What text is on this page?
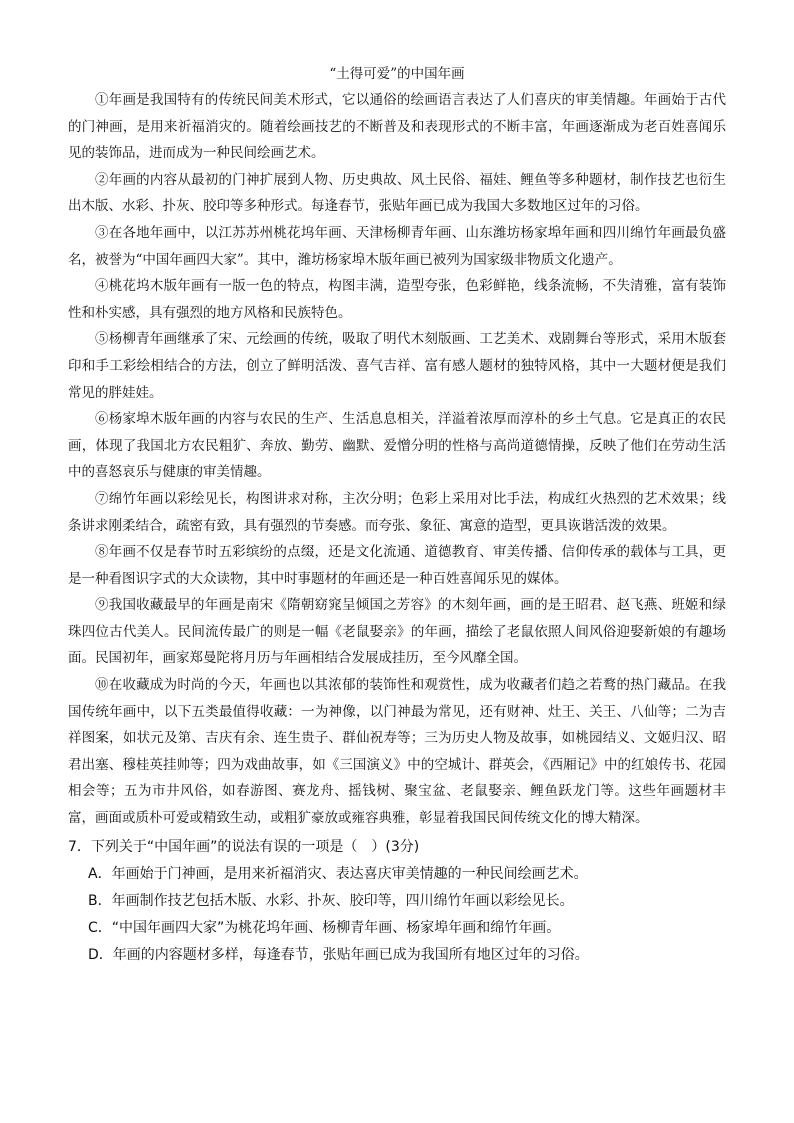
“土得可爱”的中国年画

①年画是我国特有的传统民间美术形式，它以通俗的绘画语言表达了人们喜庆的审美情趣。年画始于古代的门神画，是用来祈福消灾的。随着绘画技艺的不断普及和表现形式的不断丰富，年画逐渐成为老百姓喜闻乐见的装饰品，进而成为一种民间绘画艺术。

②年画的内容从最初的门神扩展到人物、历史典故、风土民俗、福娃、鲤鱼等多种题材，制作技艺也衍生出木版、水彩、扑灰、胶印等多种形式。每逢春节，张贴年画已成为我国大多数地区过年的习俗。

③在各地年画中，以江苏苏州桃花坞年画、天津杨柳青年画、山东潍坊杨家埠年画和四川绵竹年画最负盛名，被誉为“中国年画四大家”。其中，潍坊杨家埠木版年画已被列为国家级非物质文化遗产。

④桃花坞木版年画有一版一色的特点，构图丰满，造型夸张，色彩鲜艳，线条流畅，不失清雅，富有装饰性和朴实感，具有强烈的地方风格和民族特色。

⑤杨柳青年画继承了宋、元绘画的传统，吸取了明代木刻版画、工艺美术、戏剧舞台等形式，采用木版套印和手工彩绘相结合的方法，创立了鲜明活泼、喜气吉祥、富有感人题材的独特风格，其中一大题材便是我们常见的胖娃娃。

⑥杨家埠木版年画的内容与农民的生产、生活息息相关，洋溢着浓厚而淳朴的乡土气息。它是真正的农民画，体现了我国北方农民粗犷、奔放、勤劳、幽默、爱憎分明的性格与高尚道德情操，反映了他们在劳动生活中的喜怒哀乐与健康的审美情趣。

⑦绵竹年画以彩绘见长，构图讲求对称，主次分明；色彩上采用对比手法，构成红火热烈的艺术效果；线条讲求刚柔结合，疏密有致，具有强烈的节奏感。而夸张、象征、寓意的造型，更具诙谐活泼的效果。

⑧年画不仅是春节时五彩缤纷的点缀，还是文化流通、道德教育、审美传播、信仰传承的载体与工具，更是一种看图识字式的大众读物，其中时事题材的年画还是一种百姓喜闻乐见的媒体。

⑨我国收藏最早的年画是南宋《隋朝窈窕呈倾国之芳容》的木刻年画，画的是王昭君、赵飞燕、班姬和绿珠四位古代美人。民间流传最广的则是一幅《老鼠娶亲》的年画，描绘了老鼠依照人间风俗迎娶新娘的有趣场面。民国初年，画家郑曼陀将月历与年画相结合发展成挂历，至今风靡全国。

⑩在收藏成为时尚的今天，年画也以其浓郁的装饰性和观赏性，成为收藏者们趋之若鹜的热门藏品。在我国传统年画中，以下五类最值得收藏：一为神像，以门神最为常见，还有财神、灶王、关王、八仙等；二为吉祥图案，如状元及第、吉庆有余、连生贵子、群仙祝寿等；三为历史人物及故事，如桃园结义、文姬归汉、昭君出塞、穆桂英挂帅等；四为戏曲故事，如《三国演义》中的空城计、群英会，《西厢记》中的红娘传书、花园相会等；五为市井风俗，如春游图、赛龙舟、摇钱树、聚宝盆、老鼠娶亲、鲤鱼跃龙门等。这些年画题材丰富，画面或质朴可爱或精致生动，或粗犷豪放或雍容典雅，彰显着我国民间传统文化的博大精深。

7．下列关于“中国年画”的说法有误的一项是（　）(3分)

A．年画始于门神画，是用来祈福消灾、表达喜庆审美情趣的一种民间绘画艺术。

B．年画制作技艺包括木版、水彩、扑灰、胶印等，四川绵竹年画以彩绘见长。

C．“中国年画四大家”为桃花坞年画、杨柳青年画、杨家埠年画和绵竹年画。

D．年画的内容题材多样，每逢春节，张贴年画已成为我国所有地区过年的习俗。
